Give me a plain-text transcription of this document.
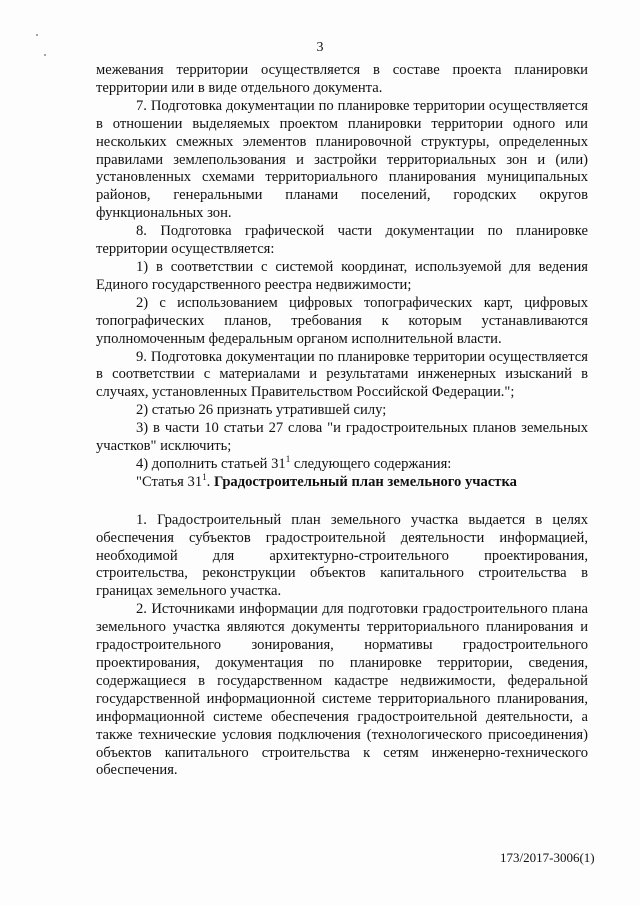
3

межевания территории осуществляется в составе проекта планировки территории или в виде отдельного документа.

7. Подготовка документации по планировке территории осуществляется в отношении выделяемых проектом планировки территории одного или нескольких смежных элементов планировочной структуры, определенных правилами землепользования и застройки территориальных зон и (или) установленных схемами территориального планирования муниципальных районов, генеральными планами поселений, городских округов функциональных зон.

8. Подготовка графической части документации по планировке территории осуществляется:

1) в соответствии с системой координат, используемой для ведения Единого государственного реестра недвижимости;

2) с использованием цифровых топографических карт, цифровых топографических планов, требования к которым устанавливаются уполномоченным федеральным органом исполнительной власти.

9. Подготовка документации по планировке территории осуществляется в соответствии с материалами и результатами инженерных изысканий в случаях, установленных Правительством Российской Федерации.";

2) статью 26 признать утратившей силу;

3) в части 10 статьи 27 слова "и градостроительных планов земельных участков" исключить;

4) дополнить статьей $31^1$ следующего содержания:

"Статья $31^1$. Градостроительный план земельного участка

1. Градостроительный план земельного участка выдается в целях обеспечения субъектов градостроительной деятельности информацией, необходимой для архитектурно-строительного проектирования, строительства, реконструкции объектов капитального строительства в границах земельного участка.

2. Источниками информации для подготовки градостроительного плана земельного участка являются документы территориального планирования и градостроительного зонирования, нормативы градостроительного проектирования, документация по планировке территории, сведения, содержащиеся в государственном кадастре недвижимости, федеральной государственной информационной системе территориального планирования, информационной системе обеспечения градостроительной деятельности, а также технические условия подключения (технологического присоединения) объектов капитального строительства к сетям инженерно-технического обеспечения.

173/2017-3006(1)
